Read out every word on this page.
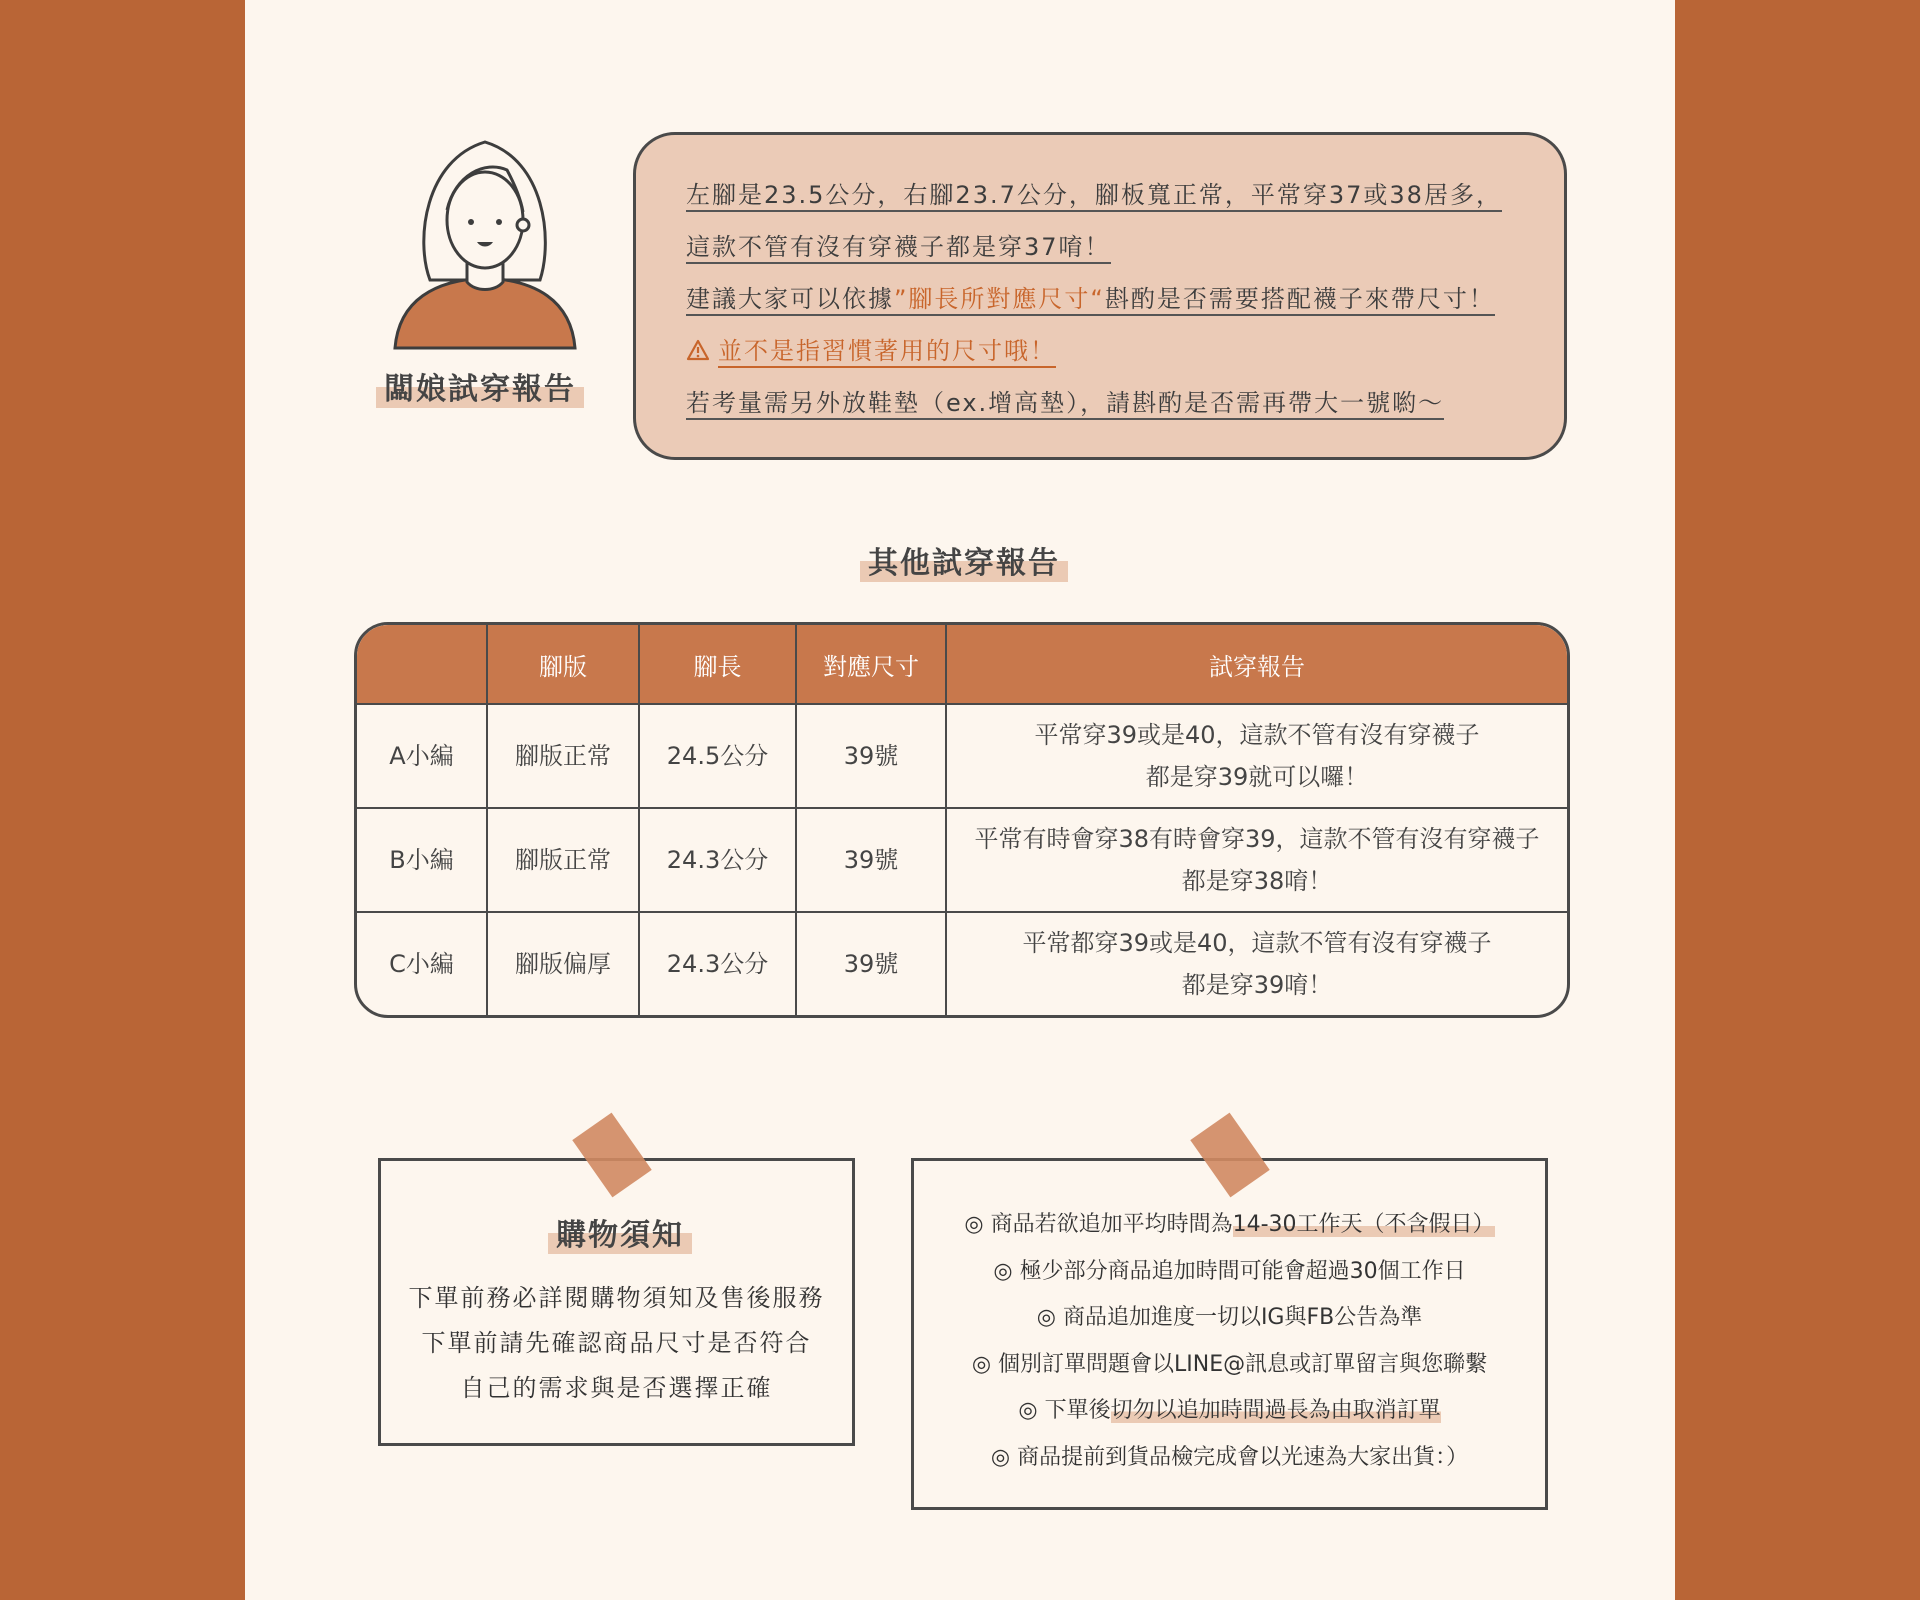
闆娘試穿報告
左腳是23.5公分，右腳23.7公分，腳板寬正常，平常穿37或38居多，
這款不管有沒有穿襪子都是穿37唷！
建議大家可以依據”腳長所對應尺寸“斟酌是否需要搭配襪子來帶尺寸！
並不是指習慣著用的尺寸哦！
若考量需另外放鞋墊（ex.增高墊），請斟酌是否需再帶大一號喲～
其他試穿報告
	腳版	腳長	對應尺寸	試穿報告
A小編	腳版正常	24.5公分	39號	平常穿39或是40，這款不管有沒有穿襪子
都是穿39就可以囉！

B小編	腳版正常	24.3公分	39號	平常有時會穿38有時會穿39，這款不管有沒有穿襪子
都是穿38唷！

C小編	腳版偏厚	24.3公分	39號	平常都穿39或是40，這款不管有沒有穿襪子
都是穿39唷！
購物須知
下單前務必詳閱購物須知及售後服務
下單前請先確認商品尺寸是否符合
自己的需求與是否選擇正確
◎ 商品若欲追加平均時間為14-30工作天（不含假日）
◎ 極少部分商品追加時間可能會超過30個工作日
◎ 商品追加進度一切以IG與FB公告為準
◎ 個別訂單問題會以LINE@訊息或訂單留言與您聯繫
◎ 下單後切勿以追加時間過長為由取消訂單
◎ 商品提前到貨品檢完成會以光速為大家出貨：）
